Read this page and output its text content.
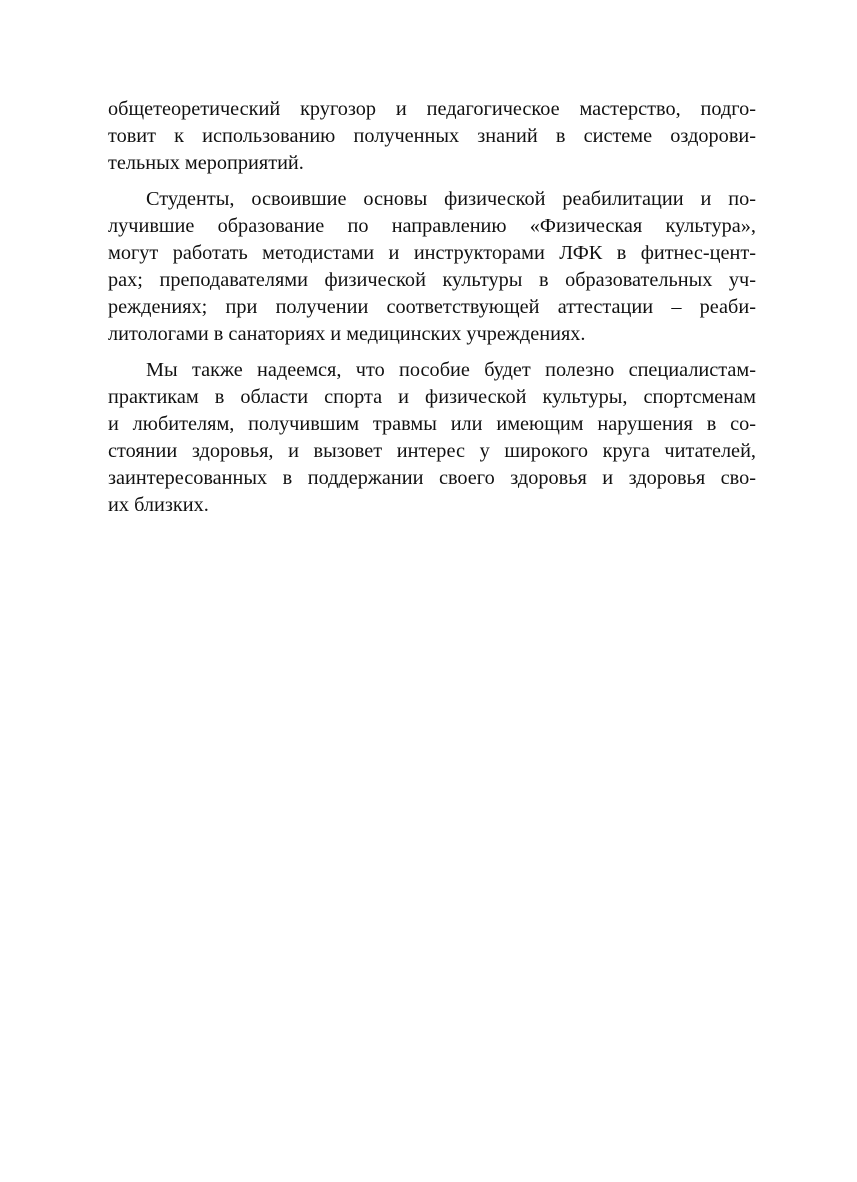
общетеоретический кругозор и педагогическое мастерство, подго-
товит к использованию полученных знаний в системе оздорови-
тельных мероприятий.

Студенты, освоившие основы физической реабилитации и по-
лучившие образование по направлению «Физическая культура»,
могут работать методистами и инструкторами ЛФК в фитнес-цент-
рах; преподавателями физической культуры в образовательных уч-
реждениях; при получении соответствующей аттестации – реаби-
литологами в санаториях и медицинских учреждениях.

Мы также надеемся, что пособие будет полезно специалистам-
практикам в области спорта и физической культуры, спортсменам
и любителям, получившим травмы или имеющим нарушения в со-
стоянии здоровья, и вызовет интерес у широкого круга читателей,
заинтересованных в поддержании своего здоровья и здоровья сво-
их близких.
